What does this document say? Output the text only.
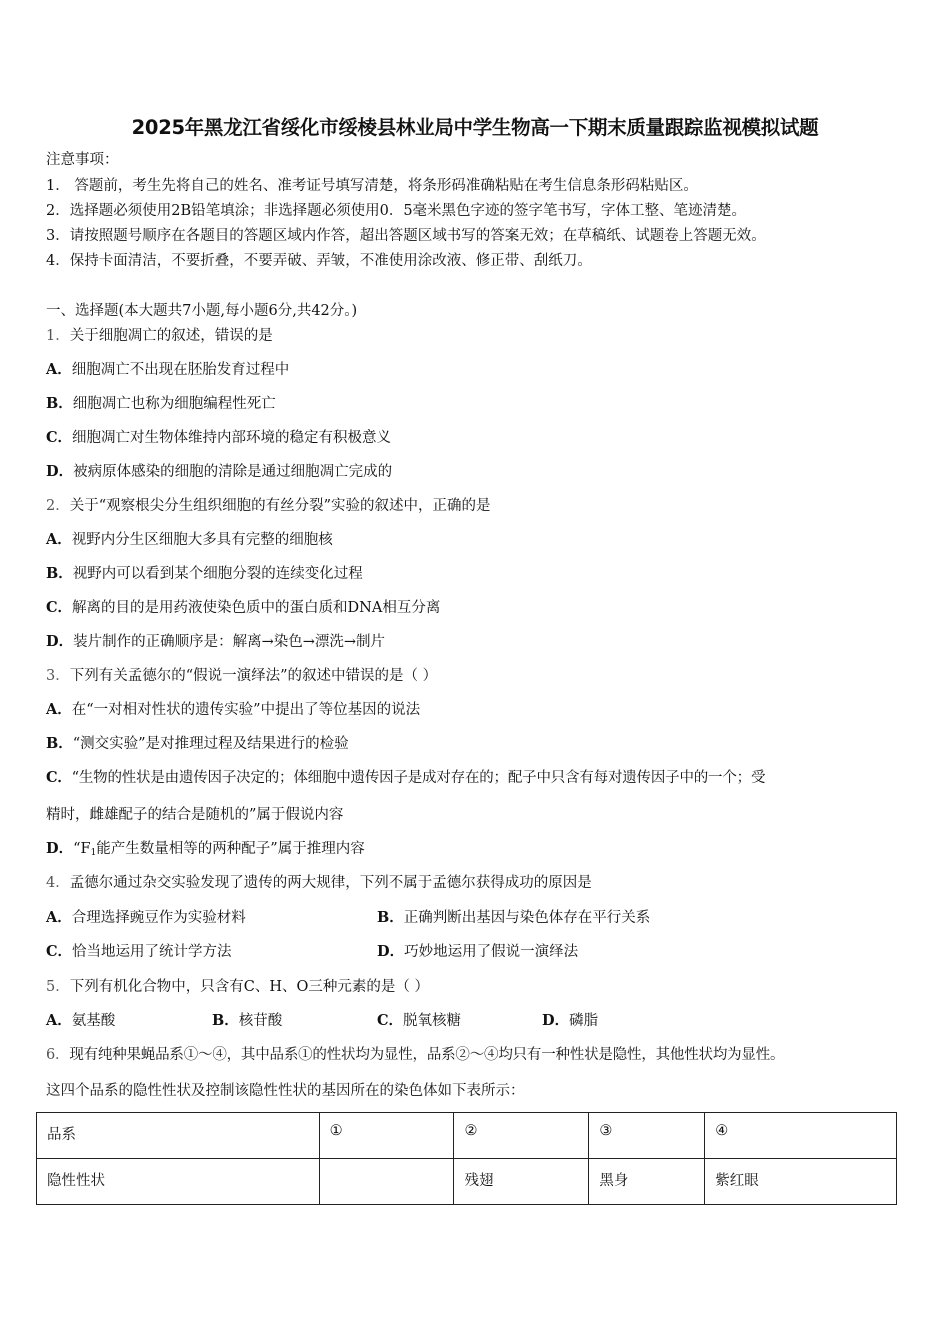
2025年黑龙江省绥化市绥棱县林业局中学生物高一下期末质量跟踪监视模拟试题
注意事项：
1． 答题前，考生先将自己的姓名、准考证号填写清楚，将条形码准确粘贴在考生信息条形码粘贴区。
2．选择题必须使用2B铅笔填涂；非选择题必须使用0．5毫米黑色字迹的签字笔书写，字体工整、笔迹清楚。
3．请按照题号顺序在各题目的答题区域内作答，超出答题区域书写的答案无效；在草稿纸、试题卷上答题无效。
4．保持卡面清洁，不要折叠，不要弄破、弄皱，不准使用涂改液、修正带、刮纸刀。
一、选择题(本大题共7小题,每小题6分,共42分。)
1．关于细胞凋亡的叙述，错误的是
A．细胞凋亡不出现在胚胎发育过程中
B．细胞凋亡也称为细胞编程性死亡
C．细胞凋亡对生物体维持内部环境的稳定有积极意义
D．被病原体感染的细胞的清除是通过细胞凋亡完成的
2．关于“观察根尖分生组织细胞的有丝分裂”实验的叙述中，正确的是
A．视野内分生区细胞大多具有完整的细胞核
B．视野内可以看到某个细胞分裂的连续变化过程
C．解离的目的是用药液使染色质中的蛋白质和DNA相互分离
D．装片制作的正确顺序是：解离→染色→漂洗→制片
3．下列有关孟德尔的“假说一演绎法”的叙述中错误的是（ ）
A．在“一对相对性状的遗传实验”中提出了等位基因的说法
B．“测交实验”是对推理过程及结果进行的检验
C．“生物的性状是由遗传因子决定的；体细胞中遗传因子是成对存在的；配子中只含有每对遗传因子中的一个；受
精时，雌雄配子的结合是随机的”属于假说内容
D．“$F_1$能产生数量相等的两种配子”属于推理内容
4．孟德尔通过杂交实验发现了遗传的两大规律，下列不属于孟德尔获得成功的原因是
A．合理选择豌豆作为实验材料	B．正确判断出基因与染色体存在平行关系
C．恰当地运用了统计学方法	D．巧妙地运用了假说一演绎法
5．下列有机化合物中，只含有C、H、O三种元素的是（ ）
A．氨基酸	B．核苷酸	C．脱氧核糖	D．磷脂
6．现有纯种果蝇品系①～④，其中品系①的性状均为显性，品系②～④均只有一种性状是隐性，其他性状均为显性。
这四个品系的隐性性状及控制该隐性性状的基因所在的染色体如下表所示：
品系	①	②	③	④
隐性性状		残翅	黑身	紫红眼
